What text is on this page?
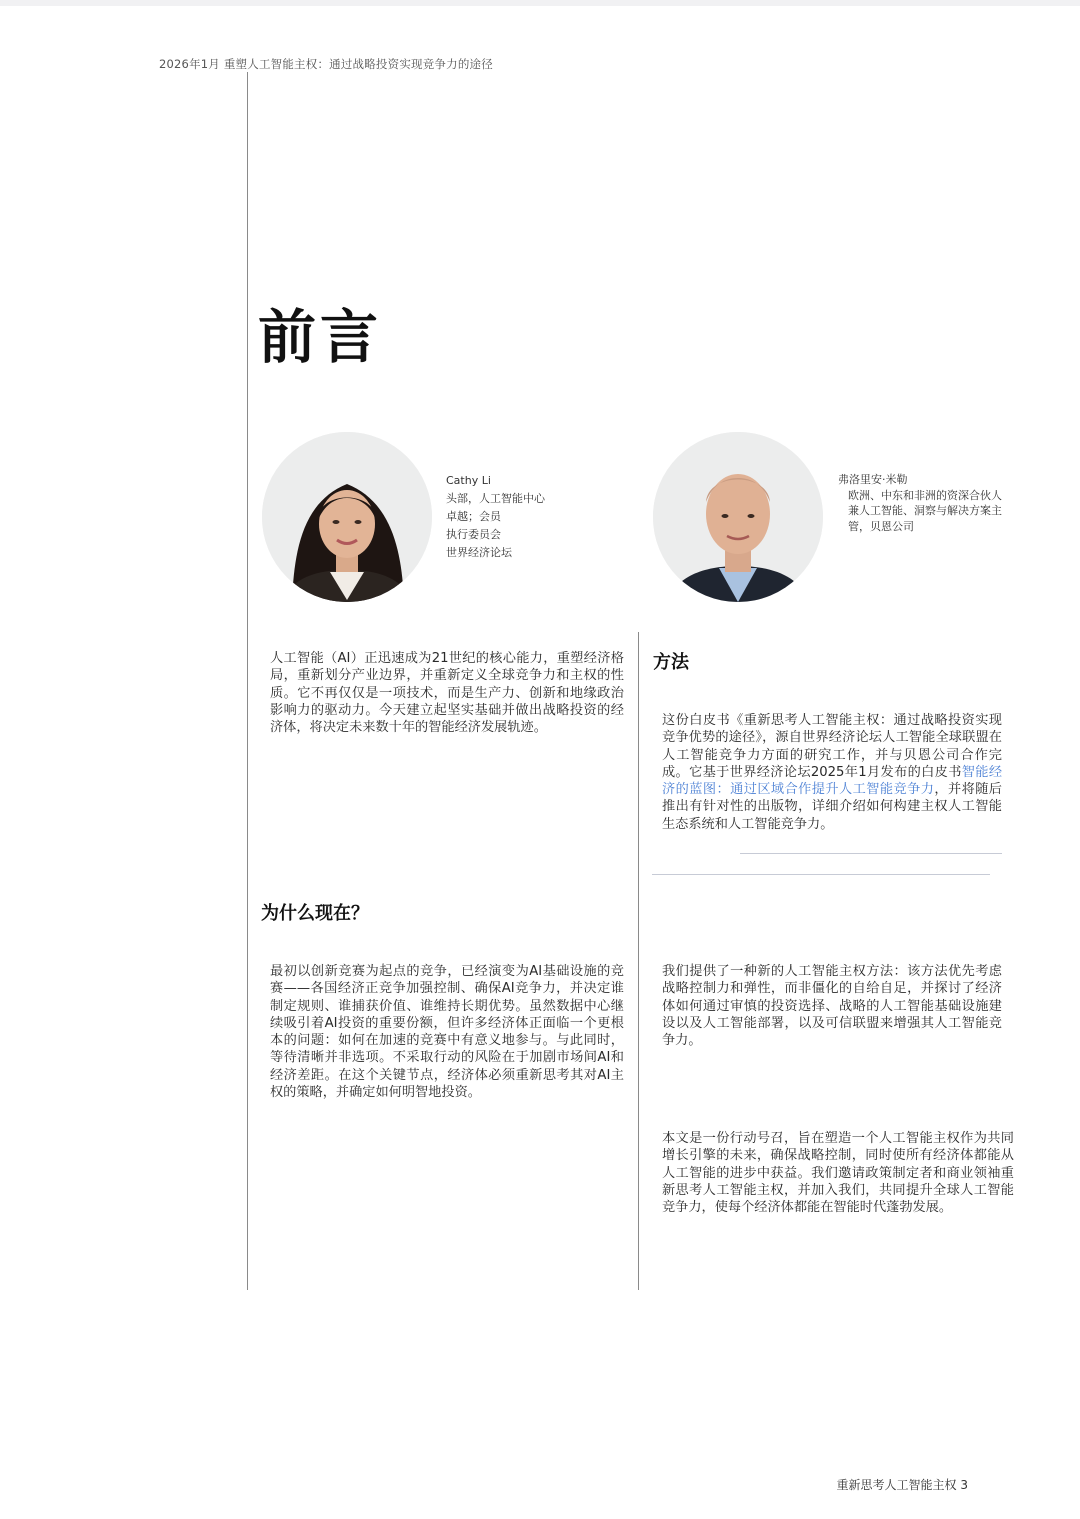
2026年1月 重塑人工智能主权：通过战略投资实现竞争力的途径
前言
Cathy Li
头部，人工智能中心
卓越；会员
执行委员会
世界经济论坛
弗洛里安·米勒
欧洲、中东和非洲的资深合伙人
兼人工智能、洞察与解决方案主
管，贝恩公司
人工智能（AI）正迅速成为21世纪的核心能力，重塑经济格局，重新划分产业边界，并重新定义全球竞争力和主权的性质。它不再仅仅是一项技术，而是生产力、创新和地缘政治影响力的驱动力。今天建立起坚实基础并做出战略投资的经济体，将决定未来数十年的智能经济发展轨迹。
为什么现在？
最初以创新竞赛为起点的竞争，已经演变为AI基础设施的竞赛——各国经济正竞争加强控制、确保AI竞争力，并决定谁制定规则、谁捕获价值、谁维持长期优势。虽然数据中心继续吸引着AI投资的重要份额，但许多经济体正面临一个更根本的问题：如何在加速的竞赛中有意义地参与。与此同时，等待清晰并非选项。不采取行动的风险在于加剧市场间AI和经济差距。在这个关键节点，经济体必须重新思考其对AI主权的策略，并确定如何明智地投资。
方法
这份白皮书《重新思考人工智能主权：通过战略投资实现竞争优势的途径》，源自世界经济论坛人工智能全球联盟在人工智能竞争力方面的研究工作，并与贝恩公司合作完成。它基于世界经济论坛2025年1月发布的白皮书智能经济的蓝图：通过区域合作提升人工智能竞争力，并将随后推出有针对性的出版物，详细介绍如何构建主权人工智能生态系统和人工智能竞争力。
我们提供了一种新的人工智能主权方法：该方法优先考虑战略控制力和弹性，而非僵化的自给自足，并探讨了经济体如何通过审慎的投资选择、战略的人工智能基础设施建设以及人工智能部署，以及可信联盟来增强其人工智能竞争力。
本文是一份行动号召，旨在塑造一个人工智能主权作为共同增长引擎的未来，确保战略控制，同时使所有经济体都能从人工智能的进步中获益。我们邀请政策制定者和商业领袖重新思考人工智能主权，并加入我们，共同提升全球人工智能竞争力，使每个经济体都能在智能时代蓬勃发展。
重新思考人工智能主权 3
